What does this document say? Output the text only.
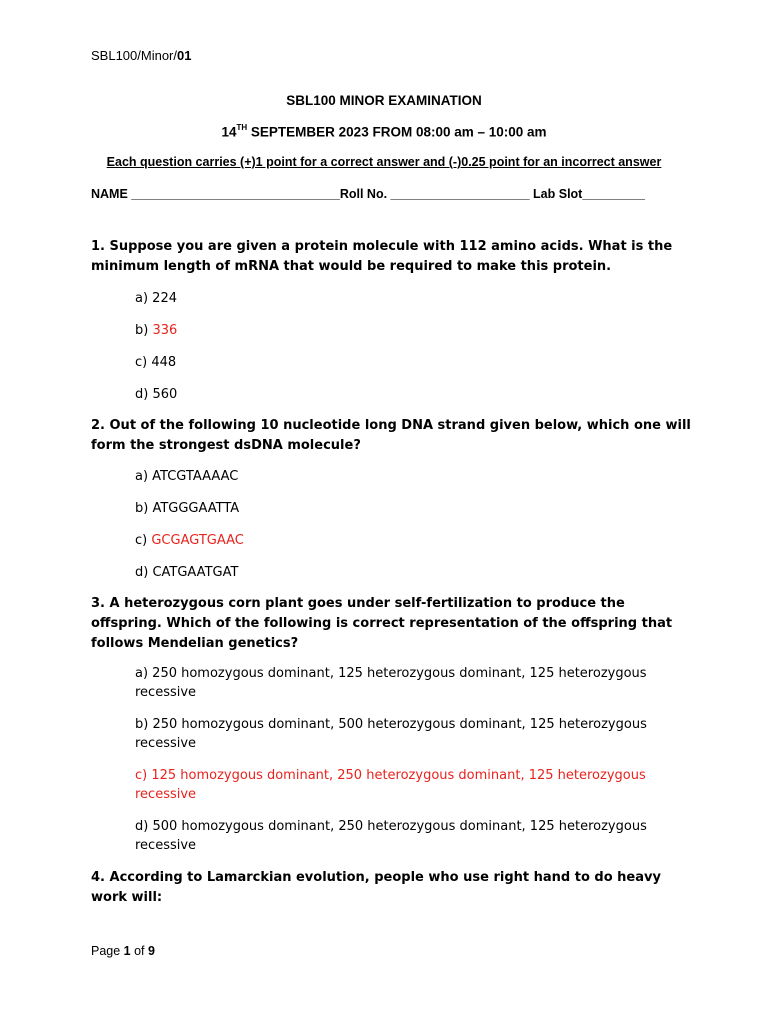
SBL100/Minor/01
SBL100 MINOR EXAMINATION
14TH SEPTEMBER 2023 FROM 08:00 am – 10:00 am
Each question carries (+)1 point for a correct answer and (-)0.25 point for an incorrect answer
NAME ______________________________Roll No. ____________________ Lab Slot_________
1. Suppose you are given a protein molecule with 112 amino acids. What is the minimum length of mRNA that would be required to make this protein.
a) 224
b) 336
c) 448
d) 560
2. Out of the following 10 nucleotide long DNA strand given below, which one will form the strongest dsDNA molecule?
a) ATCGTAAAAC
b) ATGGGAATTA
c) GCGAGTGAAC
d) CATGAATGAT
3. A heterozygous corn plant goes under self-fertilization to produce the offspring. Which of the following is correct representation of the offspring that follows Mendelian genetics?
a) 250 homozygous dominant, 125 heterozygous dominant, 125 heterozygous recessive
b) 250 homozygous dominant, 500 heterozygous dominant, 125 heterozygous recessive
c) 125 homozygous dominant, 250 heterozygous dominant, 125 heterozygous recessive
d) 500 homozygous dominant, 250 heterozygous dominant, 125 heterozygous recessive
4. According to Lamarckian evolution, people who use right hand to do heavy work will:
Page 1 of 9
